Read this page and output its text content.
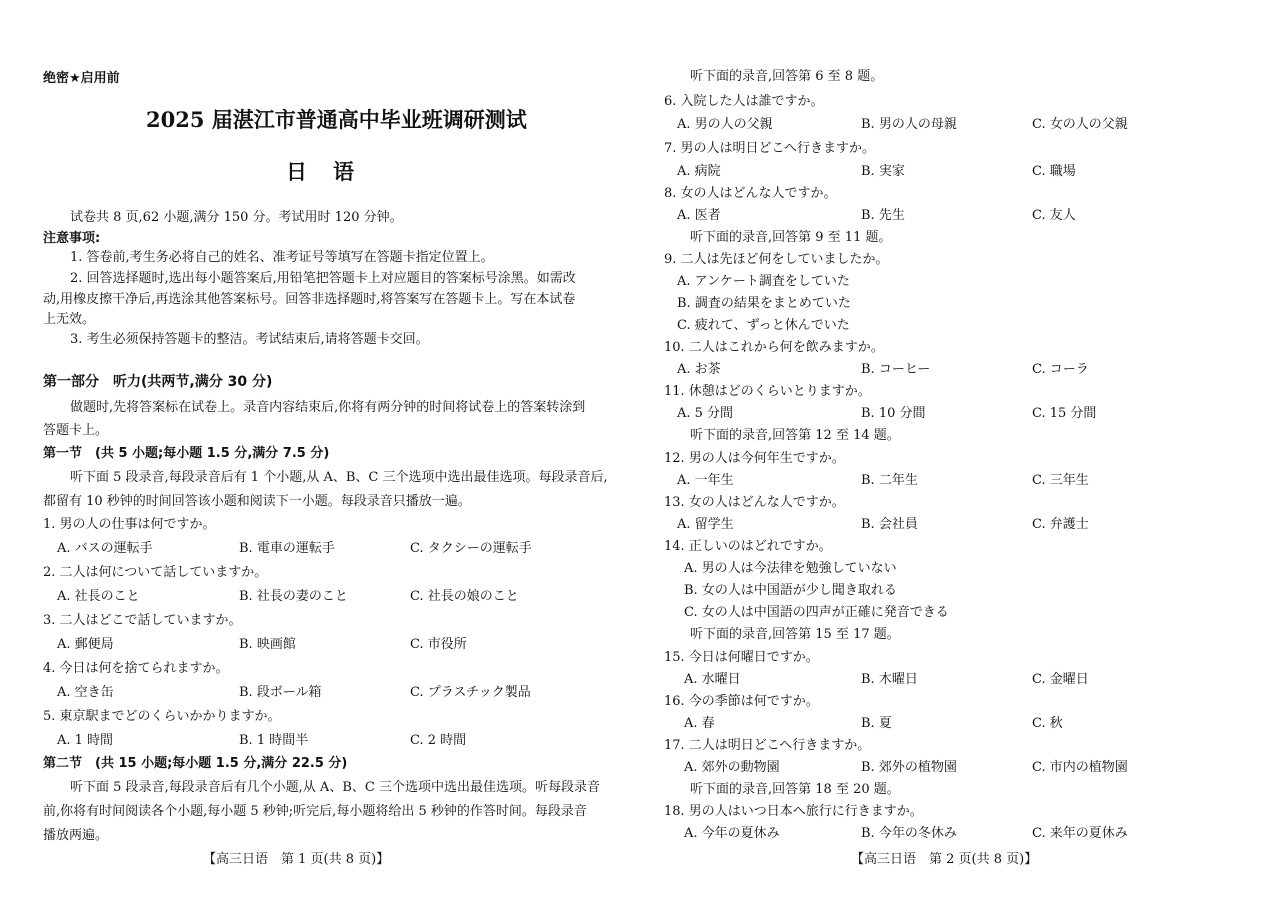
绝密★启用前
2025 届湛江市普通高中毕业班调研测试
日语
试卷共 8 页,62 小题,满分 150 分。考试用时 120 分钟。
注意事项:
1. 答卷前,考生务必将自己的姓名、准考证号等填写在答题卡指定位置上。
2. 回答选择题时,选出每小题答案后,用铅笔把答题卡上对应题目的答案标号涂黑。如需改
动,用橡皮擦干净后,再选涂其他答案标号。回答非选择题时,将答案写在答题卡上。写在本试卷
上无效。
3. 考生必须保持答题卡的整洁。考试结束后,请将答题卡交回。
第一部分　听力(共两节,满分 30 分)
做题时,先将答案标在试卷上。录音内容结束后,你将有两分钟的时间将试卷上的答案转涂到
答题卡上。
第一节　(共 5 小题;每小题 1.5 分,满分 7.5 分)
听下面 5 段录音,每段录音后有 1 个小题,从 A、B、C 三个选项中选出最佳选项。每段录音后,
都留有 10 秒钟的时间回答该小题和阅读下一小题。每段录音只播放一遍。
1. 男の人の仕事は何ですか。
A. バスの運転手	B. 電車の運転手	C. タクシーの運転手
2. 二人は何について話していますか。
A. 社長のこと	B. 社長の妻のこと	C. 社長の娘のこと
3. 二人はどこで話していますか。
A. 郵便局	B. 映画館	C. 市役所
4. 今日は何を捨てられますか。
A. 空き缶	B. 段ボール箱	C. プラスチック製品
5. 東京駅までどのくらいかかりますか。
A. 1 時間	B. 1 時間半	C. 2 時間
第二节　(共 15 小题;每小题 1.5 分,满分 22.5 分)
听下面 5 段录音,每段录音后有几个小题,从 A、B、C 三个选项中选出最佳选项。听每段录音
前,你将有时间阅读各个小题,每小题 5 秒钟;听完后,每小题将给出 5 秒钟的作答时间。每段录音
播放两遍。
【高三日语　第 1 页(共 8 页)】
听下面的录音,回答第 6 至 8 题。
6. 入院した人は誰ですか。
A. 男の人の父親	B. 男の人の母親	C. 女の人の父親
7. 男の人は明日どこへ行きますか。
A. 病院	B. 実家	C. 職場
8. 女の人はどんな人ですか。
A. 医者	B. 先生	C. 友人
听下面的录音,回答第 9 至 11 题。
9. 二人は先ほど何をしていましたか。
A. アンケート調査をしていた
B. 調査の結果をまとめていた
C. 疲れて、ずっと休んでいた
10. 二人はこれから何を飲みますか。
A. お茶	B. コーヒー	C. コーラ
11. 休憩はどのくらいとりますか。
A. 5 分間	B. 10 分間	C. 15 分間
听下面的录音,回答第 12 至 14 题。
12. 男の人は今何年生ですか。
A. 一年生	B. 二年生	C. 三年生
13. 女の人はどんな人ですか。
A. 留学生	B. 会社員	C. 弁護士
14. 正しいのはどれですか。
A. 男の人は今法律を勉強していない
B. 女の人は中国語が少し聞き取れる
C. 女の人は中国語の四声が正確に発音できる
听下面的录音,回答第 15 至 17 题。
15. 今日は何曜日ですか。
A. 水曜日	B. 木曜日	C. 金曜日
16. 今の季節は何ですか。
A. 春	B. 夏	C. 秋
17. 二人は明日どこへ行きますか。
A. 郊外の動物園	B. 郊外の植物園	C. 市内の植物園
听下面的录音,回答第 18 至 20 题。
18. 男の人はいつ日本へ旅行に行きますか。
A. 今年の夏休み	B. 今年の冬休み	C. 来年の夏休み
【高三日语　第 2 页(共 8 页)】
